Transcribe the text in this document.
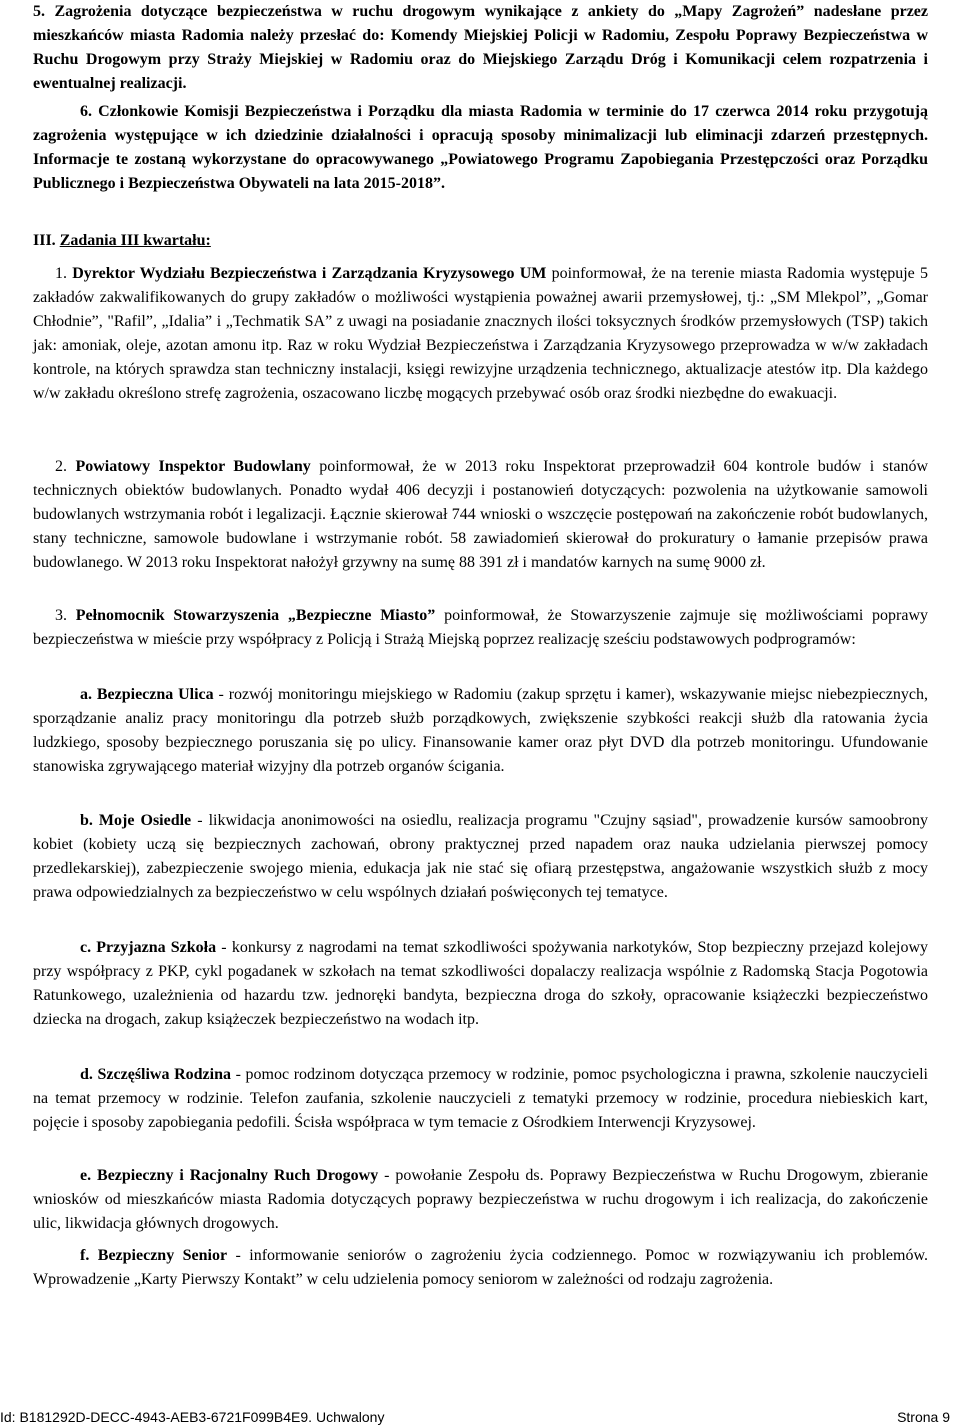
5. Zagrożenia dotyczące bezpieczeństwa w ruchu drogowym wynikające z ankiety do „Mapy Zagrożeń” nadesłane przez mieszkańców miasta Radomia należy przesłać do: Komendy Miejskiej Policji w Radomiu, Zespołu Poprawy Bezpieczeństwa w Ruchu Drogowym przy Straży Miejskiej w Radomiu oraz do Miejskiego Zarządu Dróg i Komunikacji celem rozpatrzenia i ewentualnej realizacji.

6. Członkowie Komisji Bezpieczeństwa i Porządku dla miasta Radomia w terminie do 17 czerwca 2014 roku przygotują zagrożenia występujące w ich dziedzinie działalności i opracują sposoby minimalizacji lub eliminacji zdarzeń przestępnych. Informacje te zostaną wykorzystane do opracowywanego „Powiatowego Programu Zapobiegania Przestępczości oraz Porządku Publicznego i Bezpieczeństwa Obywateli na lata 2015-2018”.

III. Zadania III kwartału:

1. Dyrektor Wydziału Bezpieczeństwa i Zarządzania Kryzysowego UM poinformował, że na terenie miasta Radomia występuje 5 zakładów zakwalifikowanych do grupy zakładów o możliwości wystąpienia poważnej awarii przemysłowej, tj.: „SM Mlekpol”, „Gomar Chłodnie”, "Rafil”, „Idalia” i „Techmatik SA” z uwagi na posiadanie znacznych ilości toksycznych środków przemysłowych (TSP) takich jak: amoniak, oleje, azotan amonu itp. Raz w roku Wydział Bezpieczeństwa i Zarządzania Kryzysowego przeprowadza w w/w zakładach kontrole, na których sprawdza stan techniczny instalacji, księgi rewizyjne urządzenia technicznego, aktualizacje atestów itp. Dla każdego w/w zakładu określono strefę zagrożenia, oszacowano liczbę mogących przebywać osób oraz środki niezbędne do ewakuacji.

2. Powiatowy Inspektor Budowlany poinformował, że w 2013 roku Inspektorat przeprowadził 604 kontrole budów i stanów technicznych obiektów budowlanych. Ponadto wydał 406 decyzji i postanowień dotyczących: pozwolenia na użytkowanie samowoli budowlanych wstrzymania robót i legalizacji. Łącznie skierował 744 wnioski o wszczęcie postępowań na zakończenie robót budowlanych, stany techniczne, samowole budowlane i wstrzymanie robót. 58 zawiadomień skierował do prokuratury o łamanie przepisów prawa budowlanego. W 2013 roku Inspektorat nałożył grzywny na sumę 88 391 zł i mandatów karnych na sumę 9000 zł.

3. Pełnomocnik Stowarzyszenia „Bezpieczne Miasto” poinformował, że Stowarzyszenie zajmuje się możliwościami poprawy bezpieczeństwa w mieście przy współpracy z Policją i Strażą Miejską poprzez realizację sześciu podstawowych podprogramów:

a. Bezpieczna Ulica - rozwój monitoringu miejskiego w Radomiu (zakup sprzętu i kamer), wskazywanie miejsc niebezpiecznych, sporządzanie analiz pracy monitoringu dla potrzeb służb porządkowych, zwiększenie szybkości reakcji służb dla ratowania życia ludzkiego, sposoby bezpiecznego poruszania się po ulicy. Finansowanie kamer oraz płyt DVD dla potrzeb monitoringu. Ufundowanie stanowiska zgrywającego materiał wizyjny dla potrzeb organów ścigania.

b. Moje Osiedle - likwidacja anonimowości na osiedlu, realizacja programu "Czujny sąsiad", prowadzenie kursów samoobrony kobiet (kobiety uczą się bezpiecznych zachowań, obrony praktycznej przed napadem oraz nauka udzielania pierwszej pomocy przedlekarskiej), zabezpieczenie swojego mienia, edukacja jak nie stać się ofiarą przestępstwa, angażowanie wszystkich służb z mocy prawa odpowiedzialnych za bezpieczeństwo w celu wspólnych działań poświęconych tej tematyce.

c. Przyjazna Szkoła - konkursy z nagrodami na temat szkodliwości spożywania narkotyków, Stop bezpieczny przejazd kolejowy przy współpracy z PKP, cykl pogadanek w szkołach na temat szkodliwości dopalaczy realizacja wspólnie z Radomską Stacja Pogotowia Ratunkowego, uzależnienia od hazardu tzw. jednoręki bandyta, bezpieczna droga do szkoły, opracowanie książeczki bezpieczeństwo dziecka na drogach, zakup książeczek bezpieczeństwo na wodach itp.

d. Szczęśliwa Rodzina - pomoc rodzinom dotycząca przemocy w rodzinie, pomoc psychologiczna i prawna, szkolenie nauczycieli na temat przemocy w rodzinie. Telefon zaufania, szkolenie nauczycieli z tematyki przemocy w rodzinie, procedura niebieskich kart, pojęcie i sposoby zapobiegania pedofili. Ścisła współpraca w tym temacie z Ośrodkiem Interwencji Kryzysowej.

e. Bezpieczny i Racjonalny Ruch Drogowy - powołanie Zespołu ds. Poprawy Bezpieczeństwa w Ruchu Drogowym, zbieranie wniosków od mieszkańców miasta Radomia dotyczących poprawy bezpieczeństwa w ruchu drogowym i ich realizacja, do zakończenie ulic, likwidacja głównych drogowych.

f. Bezpieczny Senior - informowanie seniorów o zagrożeniu życia codziennego. Pomoc w rozwiązywaniu ich problemów. Wprowadzenie „Karty Pierwszy Kontakt” w celu udzielenia pomocy seniorom w zależności od rodzaju zagrożenia.

Id: B181292D-DECC-4943-AEB3-6721F099B4E9. Uchwalony	Strona 9
